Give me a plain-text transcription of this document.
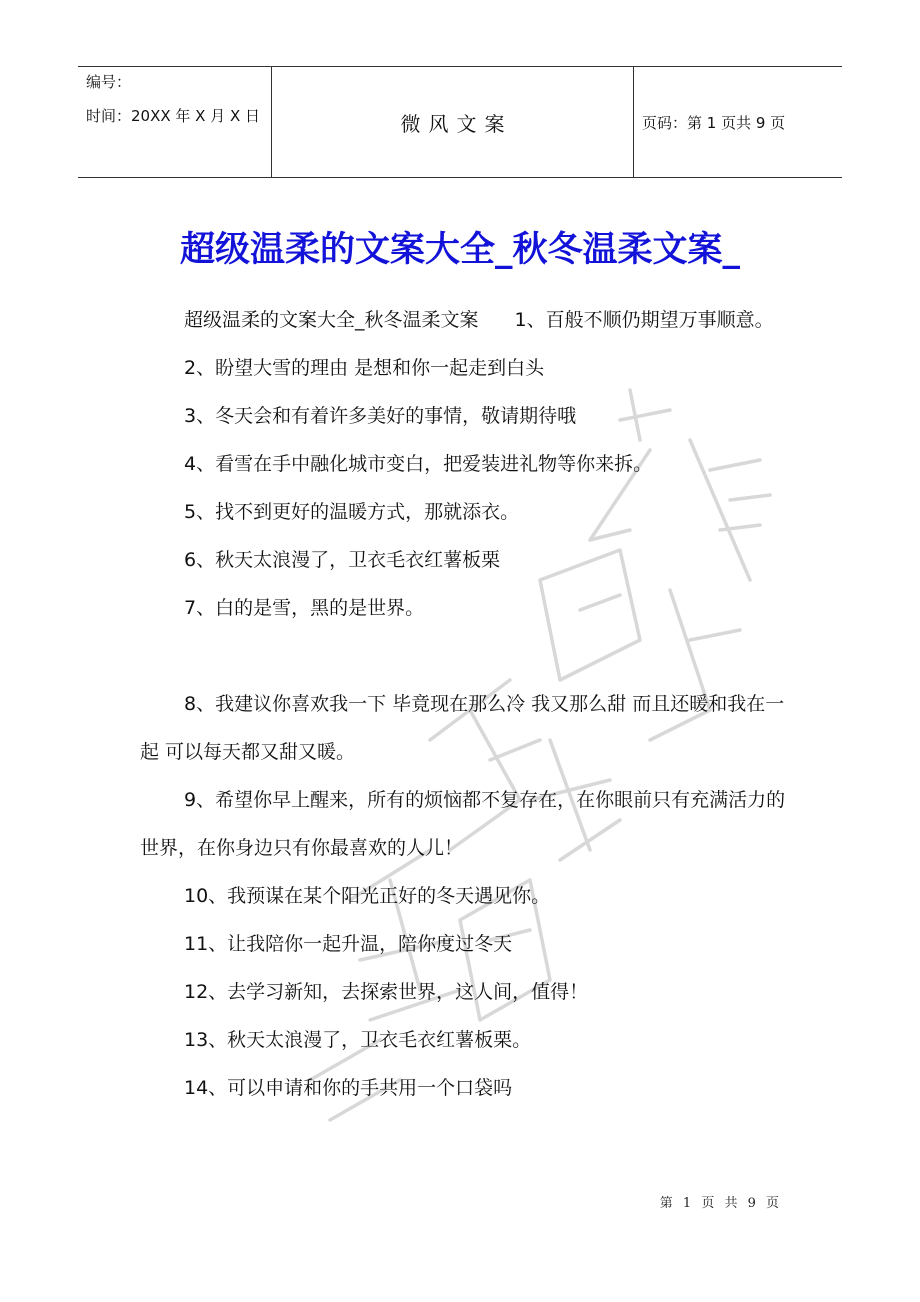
编号：
时间：20XX 年 X 月 X 日	微风文案	页码：第 1 页共 9 页
超级温柔的文案大全_秋冬温柔文案_

超级温柔的文案大全_秋冬温柔文案 1、百般不顺仍期望万事顺意。

2、盼望大雪的理由 是想和你一起走到白头

3、冬天会和有着许多美好的事情，敬请期待哦

4、看雪在手中融化城市变白，把爱装进礼物等你来拆。

5、找不到更好的温暖方式，那就添衣。

6、秋天太浪漫了，卫衣毛衣红薯板栗

7、白的是雪，黑的是世界。

8、我建议你喜欢我一下 毕竟现在那么冷 我又那么甜 而且还暖和我在一起 可以每天都又甜又暖。

9、希望你早上醒来，所有的烦恼都不复存在，在你眼前只有充满活力的世界，在你身边只有你最喜欢的人儿！

10、我预谋在某个阳光正好的冬天遇见你。

11、让我陪你一起升温，陪你度过冬天

12、去学习新知，去探索世界，这人间，值得！

13、秋天太浪漫了，卫衣毛衣红薯板栗。

14、可以申请和你的手共用一个口袋吗

第 1 页 共 9 页
